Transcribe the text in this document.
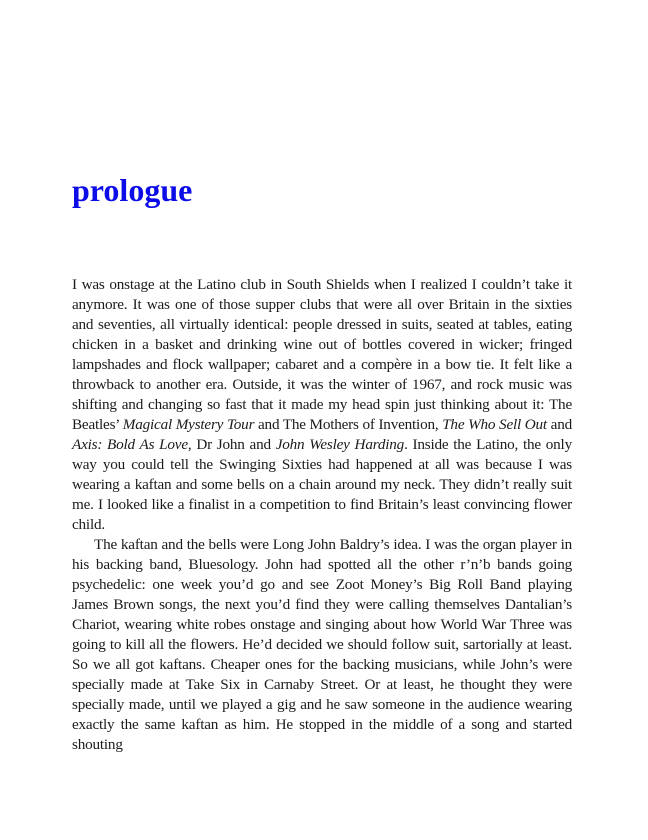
prologue

I was onstage at the Latino club in South Shields when I realized I couldn’t take it anymore. It was one of those supper clubs that were all over Britain in the sixties and seventies, all virtually identical: people dressed in suits, seated at tables, eating chicken in a basket and drinking wine out of bottles covered in wicker; fringed lampshades and flock wallpaper; cabaret and a compère in a bow tie. It felt like a throwback to another era. Outside, it was the winter of 1967, and rock music was shifting and changing so fast that it made my head spin just thinking about it: The Beatles’ Magical Mystery Tour and The Mothers of Invention, The Who Sell Out and Axis: Bold As Love, Dr John and John Wesley Harding. Inside the Latino, the only way you could tell the Swinging Sixties had happened at all was because I was wearing a kaftan and some bells on a chain around my neck. They didn’t really suit me. I looked like a finalist in a competition to find Britain’s least convincing flower child.

The kaftan and the bells were Long John Baldry’s idea. I was the organ player in his backing band, Bluesology. John had spotted all the other r’n’b bands going psychedelic: one week you’d go and see Zoot Money’s Big Roll Band playing James Brown songs, the next you’d find they were calling themselves Dantalian’s Chariot, wearing white robes onstage and singing about how World War Three was going to kill all the flowers. He’d decided we should follow suit, sartorially at least. So we all got kaftans. Cheaper ones for the backing musicians, while John’s were specially made at Take Six in Carnaby Street. Or at least, he thought they were specially made, until we played a gig and he saw someone in the audience wearing exactly the same kaftan as him. He stopped in the middle of a song and started shouting
